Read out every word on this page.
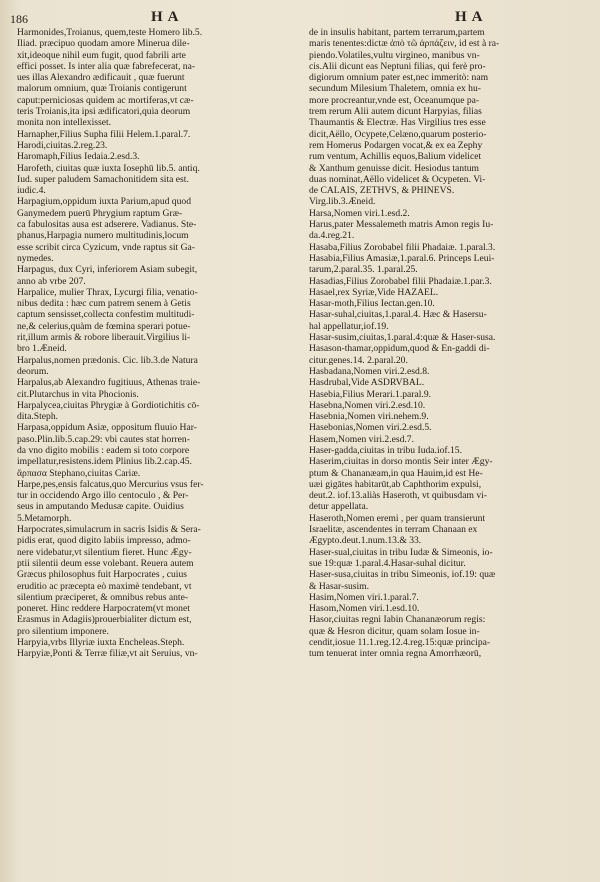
186	H A	H A
Harmonides,Troianus, quem,teste Homero lib.5.
Iliad. præcipuo quodam amore Minerua dile-
xit,ideoque nihil eum fugit, quod fabrili arte
effici posset. Is inter alia quæ fabrefecerat, na-
ues illas Alexandro ædificauit , quæ fuerunt
malorum omnium, quæ Troianis contigerunt
caput:perniciosas quidem ac mortiferas,vt cæ-
teris Troianis,ita ipsi ædificatori,quia deorum
monita non intellexisset.
Harnapher,Filius Supha filii Helem.1.paral.7.
Harodi,ciuitas.2.reg.23.
Haromaph,Filius Iedaia.2.esd.3.
Harofeth, ciuitas quæ iuxta Iosephū lib.5. antiq.
Iud. super paludem Samachonitidem sita est.
iudic.4.
Harpagium,oppidum iuxta Parium,apud quod
Ganymedem puerū Phrygium raptum Græ-
ca fabulositas ausa est adserere. Vadianus. Ste-
phanus,Harpagia numero multitudinis,locum
esse scribit circa Cyzicum, vnde raptus sit Ga-
nymedes.
Harpagus, dux Cyri, inferiorem Asiam subegit,
anno ab vrbe 207.
Harpalice, mulier Thrax, Lycurgi filia, venatio-
nibus dedita : hæc cum patrem senem à Getis
captum sensisset,collecta confestim multitudi-
ne,& celerius,quàm de fœmina sperari potue-
rit,illum armis & robore liberauit.Virgilius li-
bro 1.Æneid.
Harpalus,nomen prædonis. Cic. lib.3.de Natura
deorum.
Harpalus,ab Alexandro fugitiuus, Athenas traie-
cit.Plutarchus in vita Phocionis.
Harpalycea,ciuitas Phrygiæ à Gordiotichitis cō-
dita.Steph.
Harpasa,oppidum Asiæ, oppositum fluuio Har-
paso.Plin.lib.5.cap.29: vbi cautes stat horren-
da vno digito mobilis : eadem si toto corpore
impellatur,resistens.idem Plinius lib.2.cap.45.
ἅρπασα Stephano,ciuitas Cariæ.
Harpe,pes,ensis falcatus,quo Mercurius vsus fer-
tur in occidendo Argo illo centoculo , & Per-
seus in amputando Medusæ capite. Ouidius
5.Metamorph.
Harpocrates,simulacrum in sacris Isidis & Sera-
pidis erat, quod digito labiis impresso, admo-
nere videbatur,vt silentium fieret. Hunc Ægy-
ptii silentii deum esse volebant. Reuera autem
Græcus philosophus fuit Harpocrates , cuius
eruditio ac præcepta eò maximè tendebant, vt
silentium præciperet, & omnibus rebus ante-
poneret. Hinc reddere Harpocratem(vt monet
Erasmus in Adagiis)prouerbialiter dictum est,
pro silentium imponere.
Harpyia,vrbs Illyriæ iuxta Encheleas.Steph.
Harpyiæ,Ponti & Terræ filiæ,vt ait Seruius, vn-
de in insulis habitant, partem terrarum,partem
maris tenentes:dictæ ἀπὸ τῶ ἁρπάζειν, id est à ra-
piendo.Volatiles,vultu virgineo, manibus vn-
cis.Alii dicunt eas Neptuni filias, qui ferè pro-
digiorum omnium pater est,nec immeritò: nam
secundum Milesium Thaletem, omnia ex hu-
more procreantur,vnde est, Oceanumque pa-
trem rerum Alii autem dicunt Harpyias, filias
Thaumantis & Electræ. Has Virgilius tres esse
dicit,Aëllo, Ocypete,Celæno,quarum posterio-
rem Homerus Podargen vocat,& ex ea Zephy
rum ventum, Achillis equos,Balium videlicet
& Xanthum genuisse dicit. Hesiodus tantum
duas nominat,Aëllo videlicet & Ocypeten. Vi-
de CALAIS, ZETHVS, & PHINEVS.
Virg.lib.3.Æneid.
Harsa,Nomen viri.1.esd.2.
Harus,pater Messalemeth matris Amon regis Iu-
da.4.reg.21.
Hasaba,Filius Zorobabel filii Phadaiæ. 1.paral.3.
Hasabia,Filius Amasiæ,1.paral.6. Princeps Leui-
tarum,2.paral.35. 1.paral.25.
Hasadias,Filius Zorobabel filii Phadaiæ.1.par.3.
Hasael,rex Syriæ,Vide HAZAEL.
Hasar-moth,Filius Iectan.gen.10.
Hasar-suhal,ciuitas,1.paral.4. Hæc & Hasersu-
hal appellatur,iof.19.
Hasar-susim,ciuitas,1.paral.4:quæ & Haser-susa.
Hasason-thamar,oppidum,quod & En-gaddi di-
citur.genes.14. 2.paral.20.
Hasbadana,Nomen viri.2.esd.8.
Hasdrubal,Vide ASDRVBAL.
Hasebia,Filius Merari.1.paral.9.
Hasebna,Nomen viri.2.esd.10.
Hasebnia,Nomen viri.nehem.9.
Hasebonias,Nomen viri.2.esd.5.
Hasem,Nomen viri.2.esd.7.
Haser-gadda,ciuitas in tribu Iuda.iof.15.
Haserim,ciuitas in dorso montis Seir inter Ægy-
ptum & Chananæam,in qua Hauim,id est He-
uæi gigātes habitarūt,ab Caphthorim expulsi,
deut.2. iof.13.aliàs Haseroth, vt quibusdam vi-
detur appellata.
Haseroth,Nomen eremi , per quam transierunt
Israelitæ, ascendentes in terram Chanaan ex
Ægypto.deut.1.num.13.& 33.
Haser-sual,ciuitas in tribu Iudæ & Simeonis, io-
sue 19:quæ 1.paral.4.Hasar-suhal dicitur.
Haser-susa,ciuitas in tribu Simeonis, iof.19: quæ
& Hasar-susim.
Hasim,Nomen viri.1.paral.7.
Hasom,Nomen viri.1.esd.10.
Hasor,ciuitas regni Iabin Chananæorum regis:
quæ & Hesron dicitur, quam solam Iosue in-
cendit,iosue 11.1.reg.12.4.reg.15:quæ principa-
tum tenuerat inter omnia regna Amorrhæorū,
